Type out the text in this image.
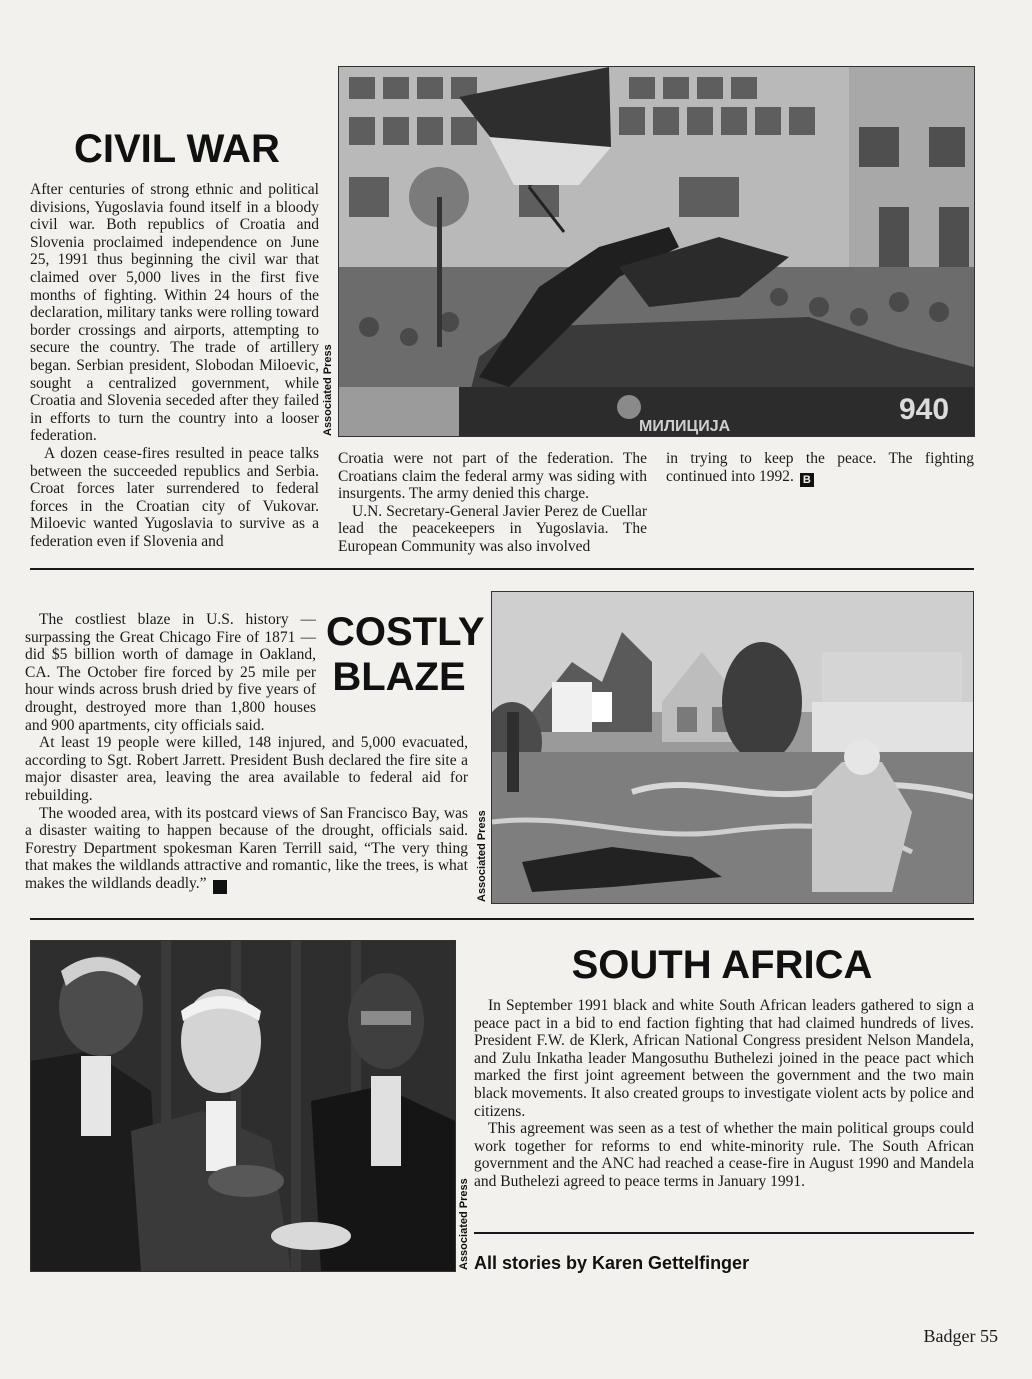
CIVIL WAR

After centuries of strong ethnic and political divisions, Yugoslavia found itself in a bloody civil war. Both republics of Croatia and Slovenia proclaimed independence on June 25, 1991 thus beginning the civil war that claimed over 5,000 lives in the first five months of fighting. Within 24 hours of the declaration, military tanks were rolling toward border crossings and airports, attempting to secure the country. The trade of artillery began. Serbian president, Slobodan Miloevic, sought a centralized government, while Croatia and Slovenia seceded after they failed in efforts to turn the country into a looser federation.

A dozen cease-fires resulted in peace talks between the succeeded republics and Serbia. Croat forces later surrendered to federal forces in the Croatian city of Vukovar. Miloevic wanted Yugoslavia to survive as a federation even if Slovenia and

МИЛИЦИЈА
940
Associated Press

Croatia were not part of the federation. The Croatians claim the federal army was siding with insurgents. The army denied this charge.

U.N. Secretary-General Javier Perez de Cuellar lead the peacekeepers in Yugoslavia. The European Community was also involved

in trying to keep the peace. The fighting continued into 1992. B

COSTLY
BLAZE

The costliest blaze in U.S. history — surpassing the Great Chicago Fire of 1871 — did $5 billion worth of damage in Oakland, CA. The October fire forced by 25 mile per hour winds across brush dried by five years of drought, destroyed more than 1,800 houses and 900 apartments, city officials said.

At least 19 people were killed, 148 injured, and 5,000 evacuated, according to Sgt. Robert Jarrett. President Bush declared the fire site a major disaster area, leaving the area available to federal aid for rebuilding.

The wooded area, with its postcard views of San Francisco Bay, was a disaster waiting to happen because of the drought, officials said. Forestry Department spokesman Karen Terrill said, “The very thing that makes the wildlands attractive and romantic, like the trees, is what makes the wildlands deadly.” B	Associated Press
Associated Press
SOUTH AFRICA

In September 1991 black and white South African leaders gathered to sign a peace pact in a bid to end faction fighting that had claimed hundreds of lives. President F.W. de Klerk, African National Congress president Nelson Mandela, and Zulu Inkatha leader Mangosuthu Buthelezi joined in the peace pact which marked the first joint agreement between the government and the two main black movements. It also created groups to investigate violent acts by police and citizens.

This agreement was seen as a test of whether the main political groups could work together for reforms to end white-minority rule. The South African government and the ANC had reached a cease-fire in August 1990 and Mandela and Buthelezi agreed to peace terms in January 1991.

All stories by Karen Gettelfinger
Badger 55
